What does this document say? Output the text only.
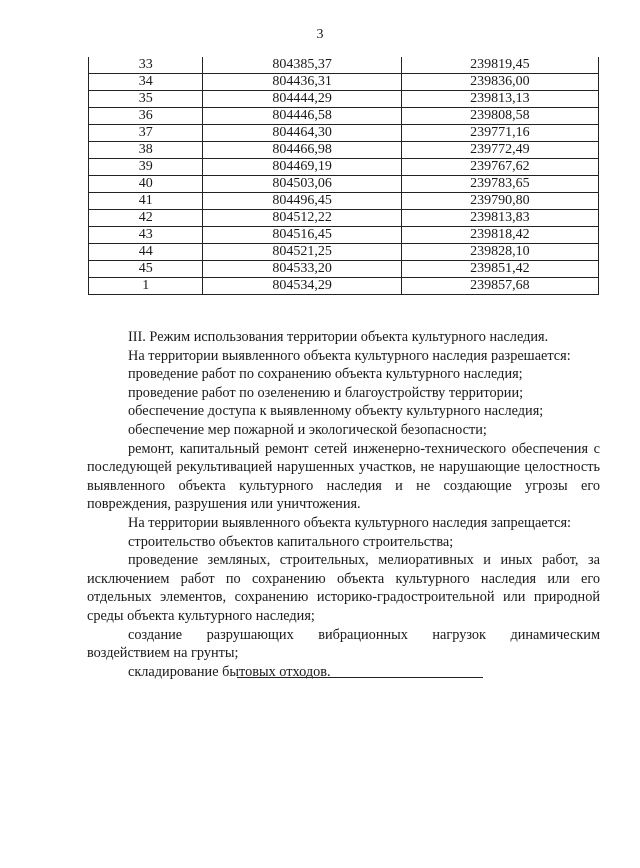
3
33	804385,37	239819,45
34	804436,31	239836,00
35	804444,29	239813,13
36	804446,58	239808,58
37	804464,30	239771,16
38	804466,98	239772,49
39	804469,19	239767,62
40	804503,06	239783,65
41	804496,45	239790,80
42	804512,22	239813,83
43	804516,45	239818,42
44	804521,25	239828,10
45	804533,20	239851,42
1	804534,29	239857,68

III. Режим использования территории объекта культурного наследия.

На территории выявленного объекта культурного наследия разрешается:

проведение работ по сохранению объекта культурного наследия;

проведение работ по озеленению и благоустройству территории;

обеспечение доступа к выявленному объекту культурного наследия;

обеспечение мер пожарной и экологической безопасности;

ремонт, капитальный ремонт сетей инженерно-технического обеспечения с последующей рекультивацией нарушенных участков, не нарушающие целостность выявленного объекта культурного наследия и не создающие угрозы его повреждения, разрушения или уничтожения.

На территории выявленного объекта культурного наследия запрещается:

строительство объектов капитального строительства;

проведение земляных, строительных, мелиоративных и иных работ, за исключением работ по сохранению объекта культурного наследия или его отдельных элементов, сохранению историко-градостроительной или природной среды объекта культурного наследия;

создание разрушающих вибрационных нагрузок динамическим воздействием на грунты;

складирование бытовых отходов.
